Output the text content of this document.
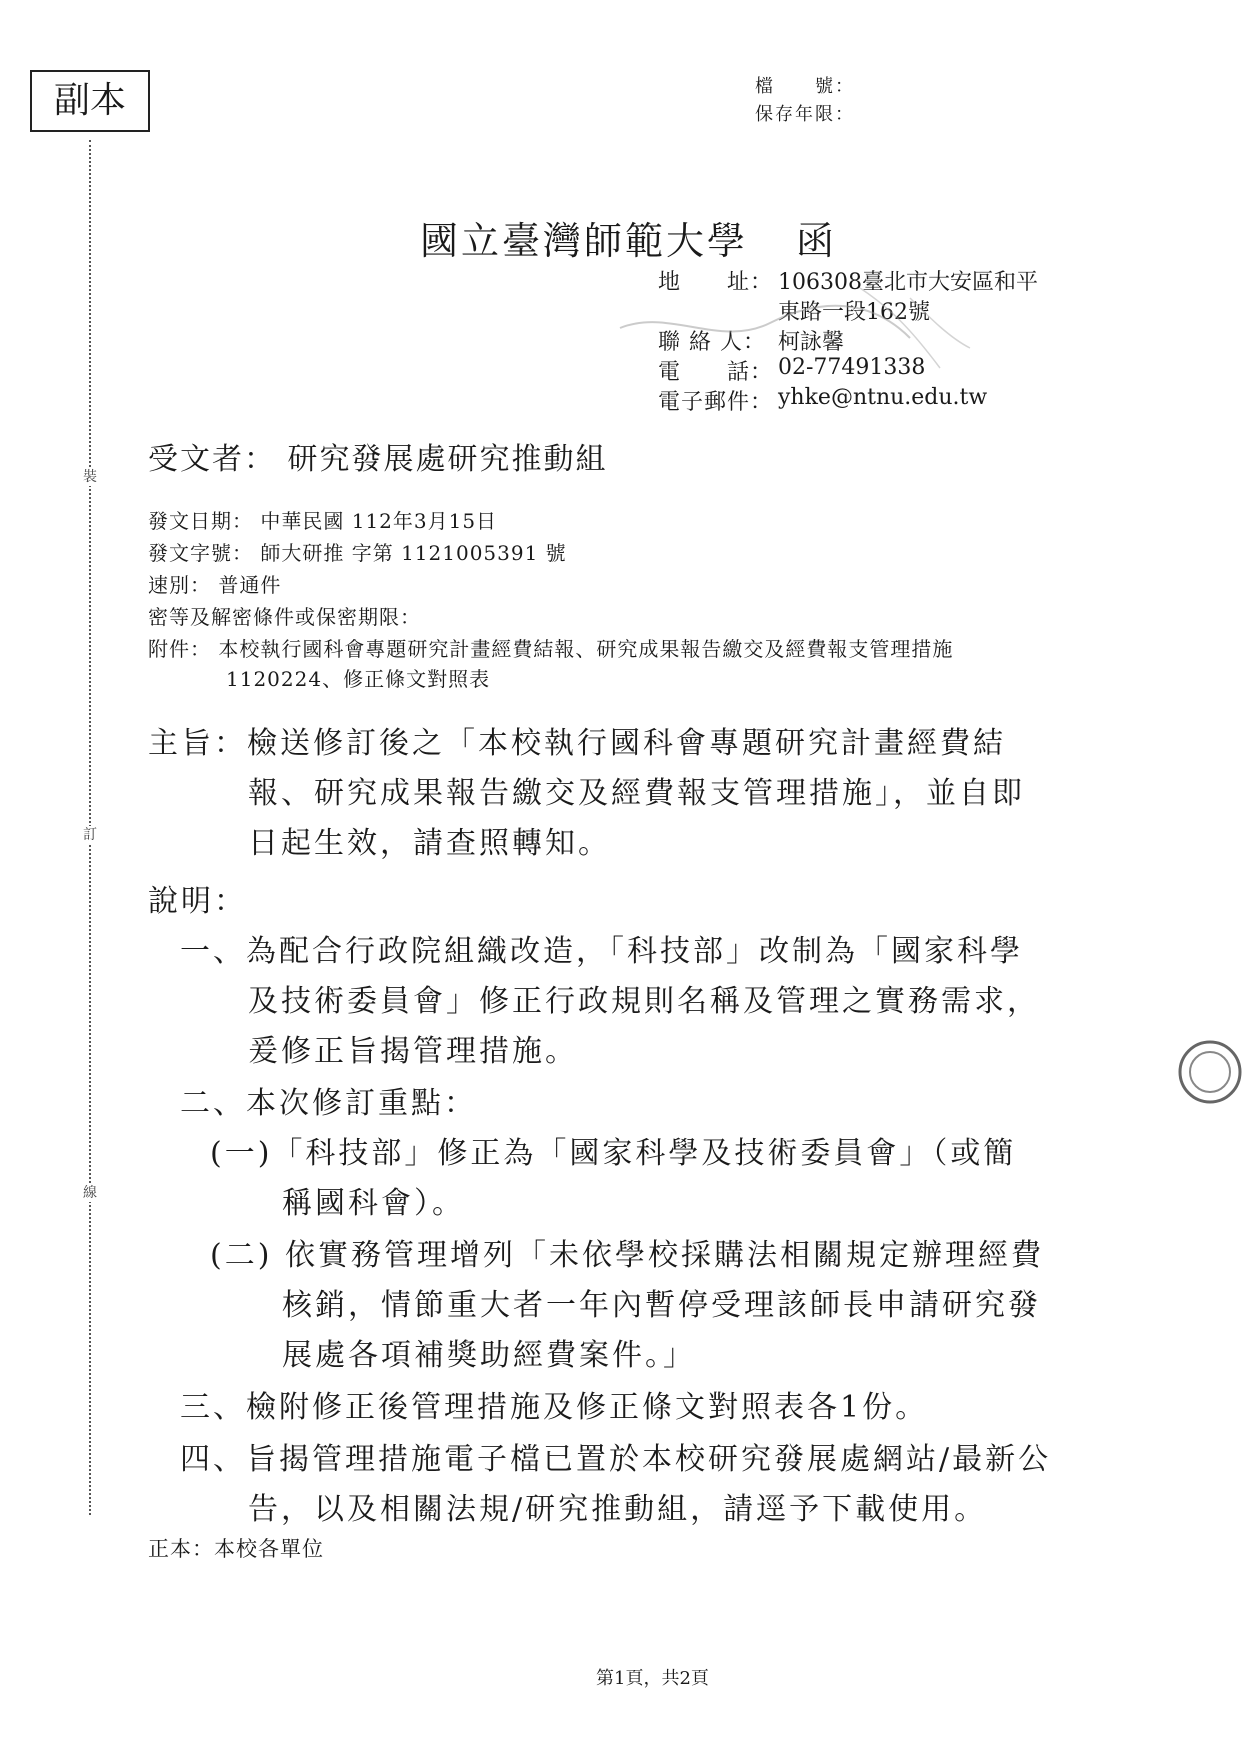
副本
裝
訂
線
檔　　號：
保存年限：
國立臺灣師範大學 函
地　　址： 106308臺北市大安區和平
東路一段162號
聯 絡 人： 柯詠馨
電　　話： 02-77491338
電子郵件： yhke@ntnu.edu.tw
受文者： 研究發展處研究推動組
發文日期： 中華民國 112年3月15日
發文字號： 師大研推 字第 1121005391 號
速別： 普通件
密等及解密條件或保密期限：
附件： 本校執行國科會專題研究計畫經費結報、研究成果報告繳交及經費報支管理措施
1120224、修正條文對照表
主旨：檢送修訂後之「本校執行國科會專題研究計畫經費結
報、研究成果報告繳交及經費報支管理措施」，並自即
日起生效，請查照轉知。
說明：
一、為配合行政院組織改造，「科技部」改制為「國家科學
及技術委員會」修正行政規則名稱及管理之實務需求，
爰修正旨揭管理措施。
二、本次修訂重點：
(一)「科技部」修正為「國家科學及技術委員會」（或簡
稱國科會）。
(二) 依實務管理增列「未依學校採購法相關規定辦理經費
核銷，情節重大者一年內暫停受理該師長申請研究發
展處各項補獎助經費案件。」
三、檢附修正後管理措施及修正條文對照表各1份。
四、旨揭管理措施電子檔已置於本校研究發展處網站/最新公
告，以及相關法規/研究推動組，請逕予下載使用。
正本：本校各單位
第1頁，共2頁
